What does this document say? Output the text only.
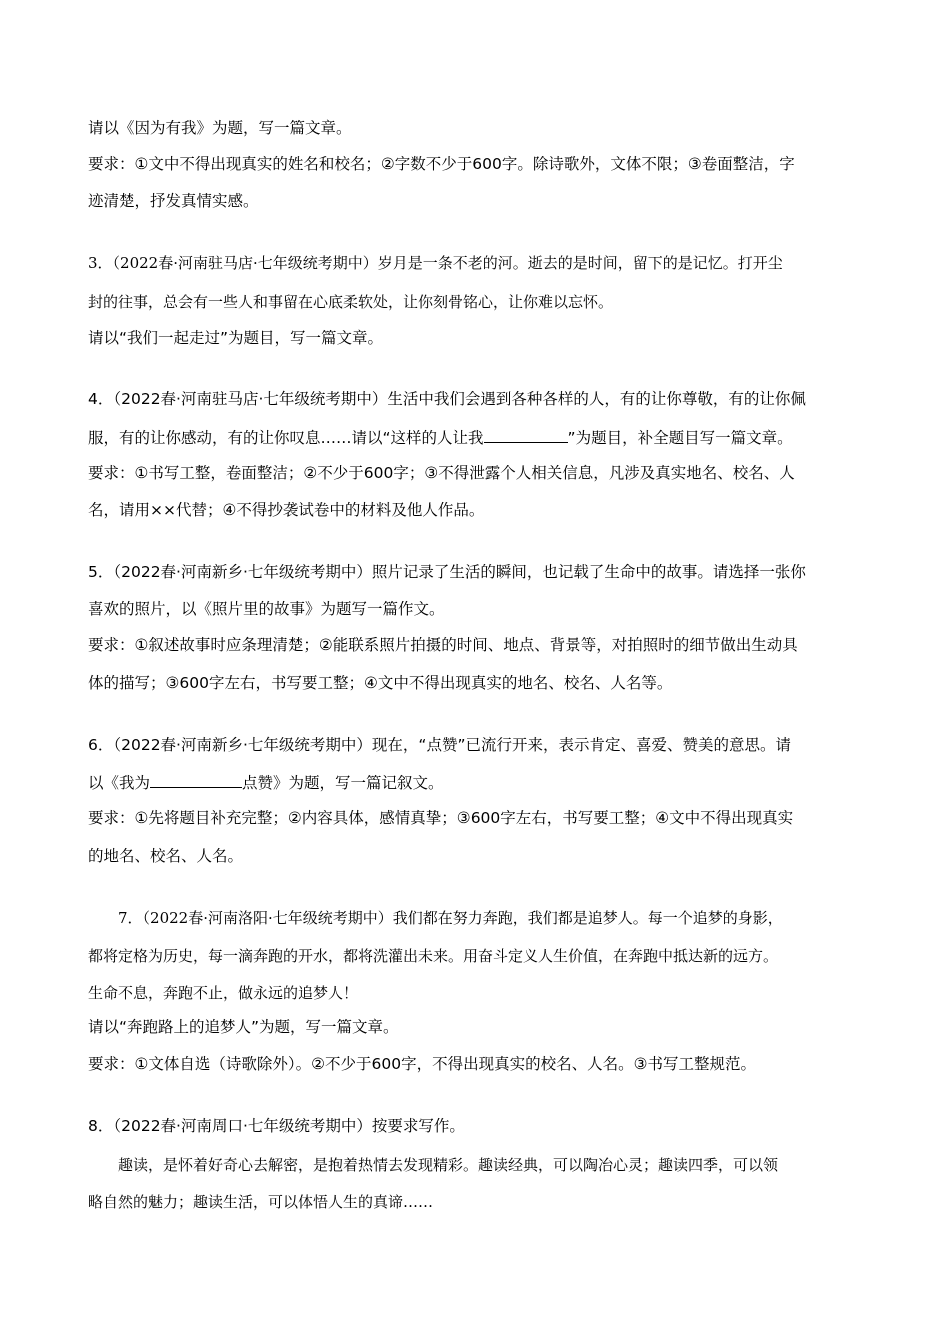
请以《因为有我》为题，写一篇文章。
要求：①文中不得出现真实的姓名和校名；②字数不少于600字。除诗歌外，文体不限；③卷面整洁，字
迹清楚，抒发真情实感。
3．（2022春·河南驻马店·七年级统考期中）岁月是一条不老的河。逝去的是时间，留下的是记忆。打开尘
封的往事，总会有一些人和事留在心底柔软处，让你刻骨铭心，让你难以忘怀。
请以“我们一起走过”为题目，写一篇文章。
4．（2022春·河南驻马店·七年级统考期中）生活中我们会遇到各种各样的人，有的让你尊敬，有的让你佩
服，有的让你感动，有的让你叹息……请以“这样的人让我	”为题目，补全题目写一篇文章。
要求：①书写工整，卷面整洁；②不少于600字；③不得泄露个人相关信息，凡涉及真实地名、校名、人
名，请用××代替；④不得抄袭试卷中的材料及他人作品。
5．（2022春·河南新乡·七年级统考期中）照片记录了生活的瞬间，也记载了生命中的故事。请选择一张你
喜欢的照片，以《照片里的故事》为题写一篇作文。
要求：①叙述故事时应条理清楚；②能联系照片拍摄的时间、地点、背景等，对拍照时的细节做出生动具
体的描写；③600字左右，书写要工整；④文中不得出现真实的地名、校名、人名等。
6．（2022春·河南新乡·七年级统考期中）现在，“点赞”已流行开来，表示肯定、喜爱、赞美的意思。请
以《我为	点赞》为题，写一篇记叙文。
要求：①先将题目补充完整；②内容具体，感情真挚；③600字左右，书写要工整；④文中不得出现真实
的地名、校名、人名。
7．（2022春·河南洛阳·七年级统考期中）我们都在努力奔跑，我们都是追梦人。每一个追梦的身影，
都将定格为历史，每一滴奔跑的开水，都将洗灌出未来。用奋斗定义人生价值，在奔跑中抵达新的远方。
生命不息，奔跑不止，做永远的追梦人！
请以“奔跑路上的追梦人”为题，写一篇文章。
要求：①文体自选（诗歌除外）。②不少于600字，不得出现真实的校名、人名。③书写工整规范。
8．（2022春·河南周口·七年级统考期中）按要求写作。
趣读，是怀着好奇心去解密，是抱着热情去发现精彩。趣读经典，可以陶冶心灵；趣读四季，可以领
略自然的魅力；趣读生活，可以体悟人生的真谛……
